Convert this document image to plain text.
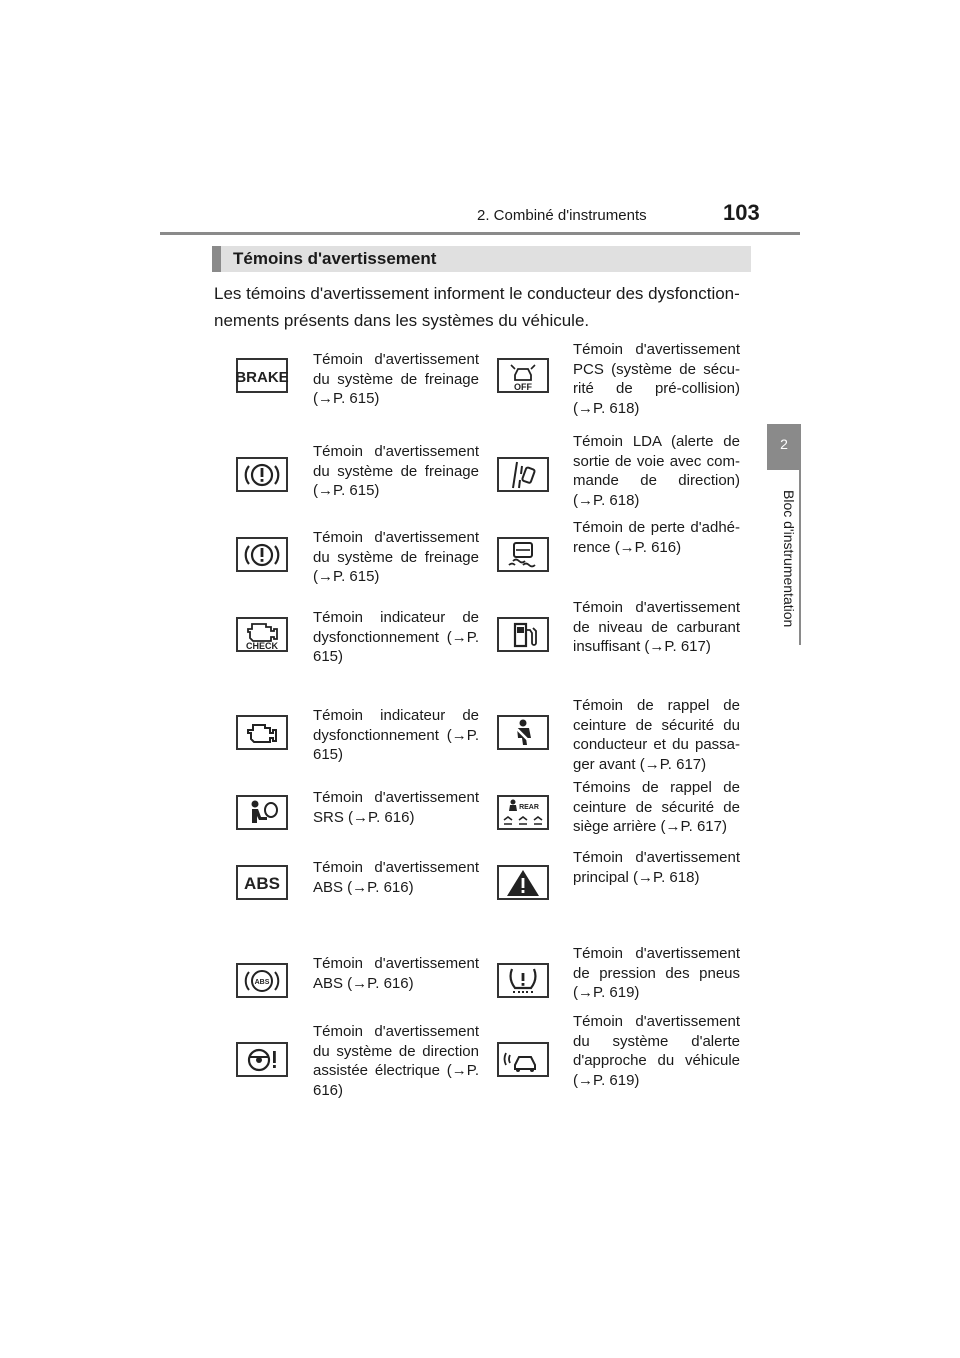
2. Combiné d'instruments	103
2
Bloc d'instrumentation
Témoins d'avertissement
Les témoins d'avertissement informent le conducteur des dysfonction-nements présents dans les systèmes du véhicule.
BRAKE
Témoin d'avertissement du système de freinage (→P. 615)
Témoin d'avertissement du système de freinage (→P. 615)
Témoin d'avertissement du système de freinage (→P. 615)
CHECK
Témoin indicateur de dysfonctionnement (→P. 615)
Témoin indicateur de dysfonctionnement (→P. 615)
Témoin d'avertissement SRS (→P. 616)
ABS
Témoin d'avertissement ABS (→P. 616)
ABS
Témoin d'avertissement ABS (→P. 616)
Témoin d'avertissement du système de direction assistée électrique (→P. 616)
OFF
Témoin d'avertissement PCS (système de sécu-rité de pré-collision) (→P. 618)
Témoin LDA (alerte de sortie de voie avec com-mande de direction) (→P. 618)
Témoin de perte d'adhé-rence (→P. 616)
Témoin d'avertissement de niveau de carburant insuffisant (→P. 617)
Témoin de rappel de ceinture de sécurité du conducteur et du passa-ger avant (→P. 617)
REAR
Témoins de rappel de ceinture de sécurité de siège arrière (→P. 617)
Témoin d'avertissement principal (→P. 618)
Témoin d'avertissement de pression des pneus (→P. 619)
Témoin d'avertissement du système d'alerte d'approche du véhicule (→P. 619)
